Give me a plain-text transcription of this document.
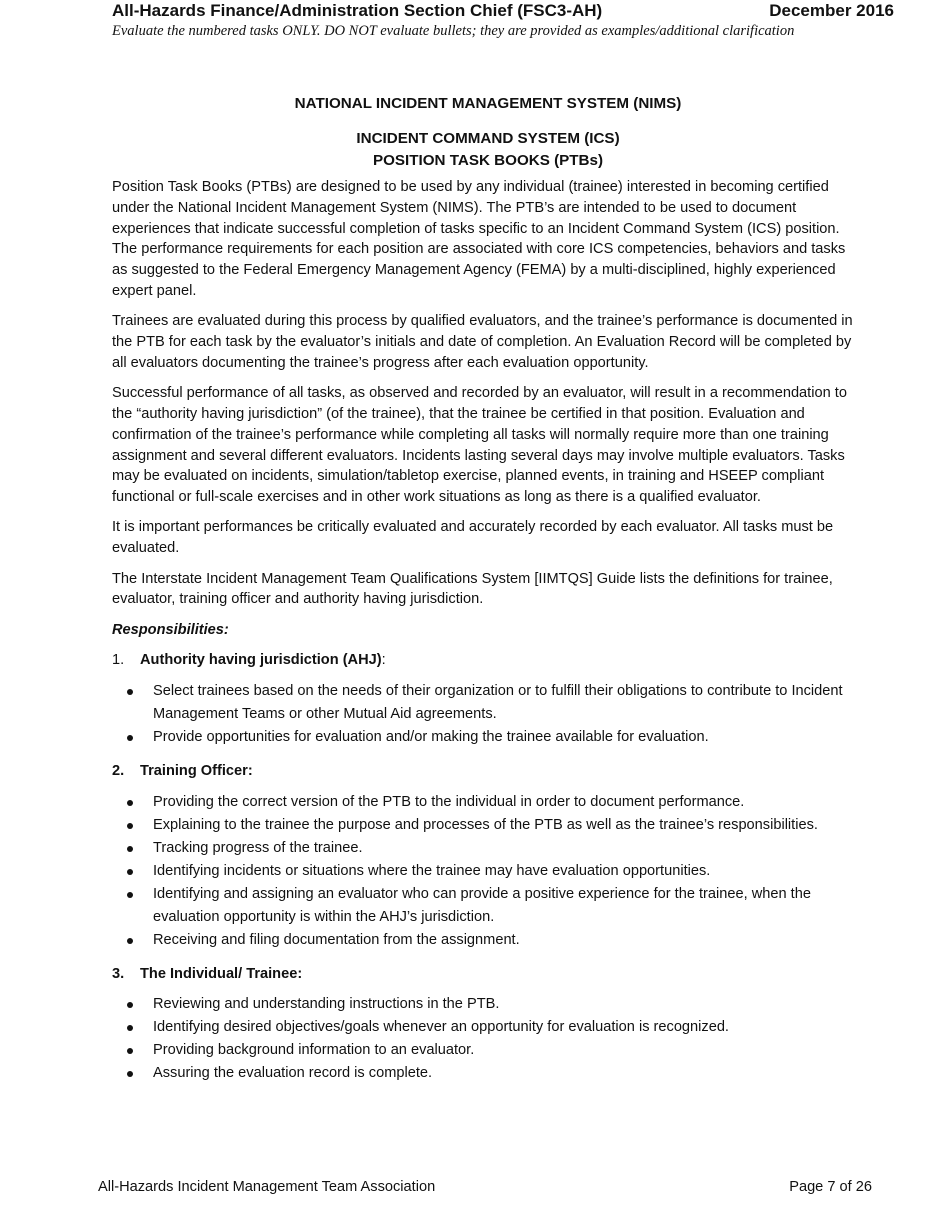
All-Hazards Finance/Administration Section Chief (FSC3-AH)	December 2016
Evaluate the numbered tasks ONLY. DO NOT evaluate bullets; they are provided as examples/additional clarification
NATIONAL INCIDENT MANAGEMENT SYSTEM (NIMS)
INCIDENT COMMAND SYSTEM (ICS)
POSITION TASK BOOKS (PTBs)

Position Task Books (PTBs) are designed to be used by any individual (trainee) interested in becoming certified under the National Incident Management System (NIMS). The PTB’s are intended to be used to document experiences that indicate successful completion of tasks specific to an Incident Command System (ICS) position. The performance requirements for each position are associated with core ICS competencies, behaviors and tasks as suggested to the Federal Emergency Management Agency (FEMA) by a multi-disciplined, highly experienced expert panel.

Trainees are evaluated during this process by qualified evaluators, and the trainee’s performance is documented in the PTB for each task by the evaluator’s initials and date of completion. An Evaluation Record will be completed by all evaluators documenting the trainee’s progress after each evaluation opportunity.

Successful performance of all tasks, as observed and recorded by an evaluator, will result in a recommendation to the “authority having jurisdiction” (of the trainee), that the trainee be certified in that position. Evaluation and confirmation of the trainee’s performance while completing all tasks will normally require more than one training assignment and several different evaluators. Incidents lasting several days may involve multiple evaluators. Tasks may be evaluated on incidents, simulation/tabletop exercise, planned events, in training and HSEEP compliant functional or full-scale exercises and in other work situations as long as there is a qualified evaluator.

It is important performances be critically evaluated and accurately recorded by each evaluator. All tasks must be evaluated.

The Interstate Incident Management Team Qualifications System [IIMTQS] Guide lists the definitions for trainee, evaluator, training officer and authority having jurisdiction.

Responsibilities:
1.	Authority having jurisdiction (AHJ):
Select trainees based on the needs of their organization or to fulfill their obligations to contribute to Incident Management Teams or other Mutual Aid agreements.
Provide opportunities for evaluation and/or making the trainee available for evaluation.
2.	Training Officer:
Providing the correct version of the PTB to the individual in order to document performance.
Explaining to the trainee the purpose and processes of the PTB as well as the trainee’s responsibilities.
Tracking progress of the trainee.
Identifying incidents or situations where the trainee may have evaluation opportunities.
Identifying and assigning an evaluator who can provide a positive experience for the trainee, when the evaluation opportunity is within the AHJ’s jurisdiction.
Receiving and filing documentation from the assignment.
3.	The Individual/ Trainee:
Reviewing and understanding instructions in the PTB.
Identifying desired objectives/goals whenever an opportunity for evaluation is recognized.
Providing background information to an evaluator.
Assuring the evaluation record is complete.
All-Hazards Incident Management Team Association	Page 7 of 26
